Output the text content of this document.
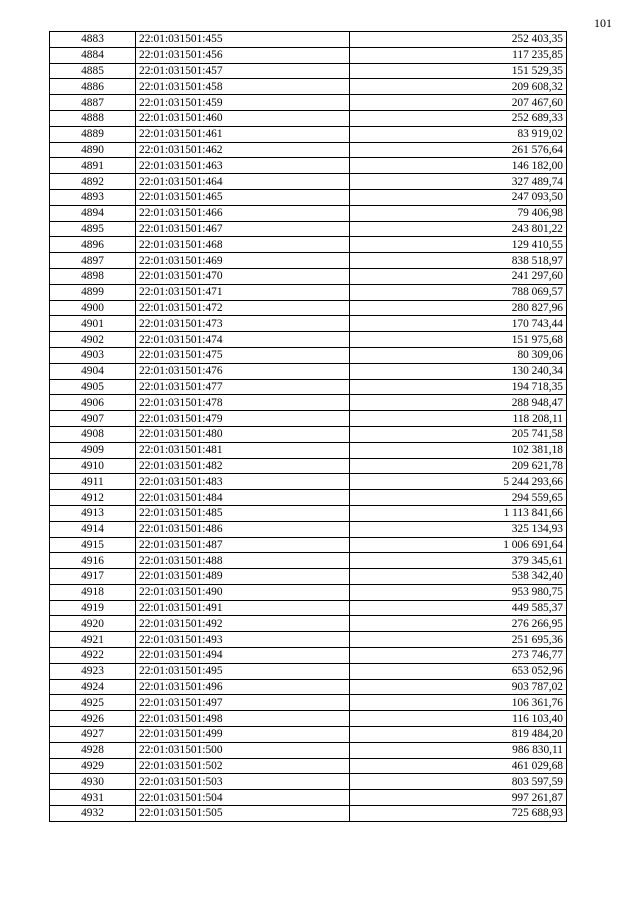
101
4883	22:01:031501:455	252 403,35
4884	22:01:031501:456	117 235,85
4885	22:01:031501:457	151 529,35
4886	22:01:031501:458	209 608,32
4887	22:01:031501:459	207 467,60
4888	22:01:031501:460	252 689,33
4889	22:01:031501:461	83 919,02
4890	22:01:031501:462	261 576,64
4891	22:01:031501:463	146 182,00
4892	22:01:031501:464	327 489,74
4893	22:01:031501:465	247 093,50
4894	22:01:031501:466	79 406,98
4895	22:01:031501:467	243 801,22
4896	22:01:031501:468	129 410,55
4897	22:01:031501:469	838 518,97
4898	22:01:031501:470	241 297,60
4899	22:01:031501:471	788 069,57
4900	22:01:031501:472	280 827,96
4901	22:01:031501:473	170 743,44
4902	22:01:031501:474	151 975,68
4903	22:01:031501:475	80 309,06
4904	22:01:031501:476	130 240,34
4905	22:01:031501:477	194 718,35
4906	22:01:031501:478	288 948,47
4907	22:01:031501:479	118 208,11
4908	22:01:031501:480	205 741,58
4909	22:01:031501:481	102 381,18
4910	22:01:031501:482	209 621,78
4911	22:01:031501:483	5 244 293,66
4912	22:01:031501:484	294 559,65
4913	22:01:031501:485	1 113 841,66
4914	22:01:031501:486	325 134,93
4915	22:01:031501:487	1 006 691,64
4916	22:01:031501:488	379 345,61
4917	22:01:031501:489	538 342,40
4918	22:01:031501:490	953 980,75
4919	22:01:031501:491	449 585,37
4920	22:01:031501:492	276 266,95
4921	22:01:031501:493	251 695,36
4922	22:01:031501:494	273 746,77
4923	22:01:031501:495	653 052,96
4924	22:01:031501:496	903 787,02
4925	22:01:031501:497	106 361,76
4926	22:01:031501:498	116 103,40
4927	22:01:031501:499	819 484,20
4928	22:01:031501:500	986 830,11
4929	22:01:031501:502	461 029,68
4930	22:01:031501:503	803 597,59
4931	22:01:031501:504	997 261,87
4932	22:01:031501:505	725 688,93
